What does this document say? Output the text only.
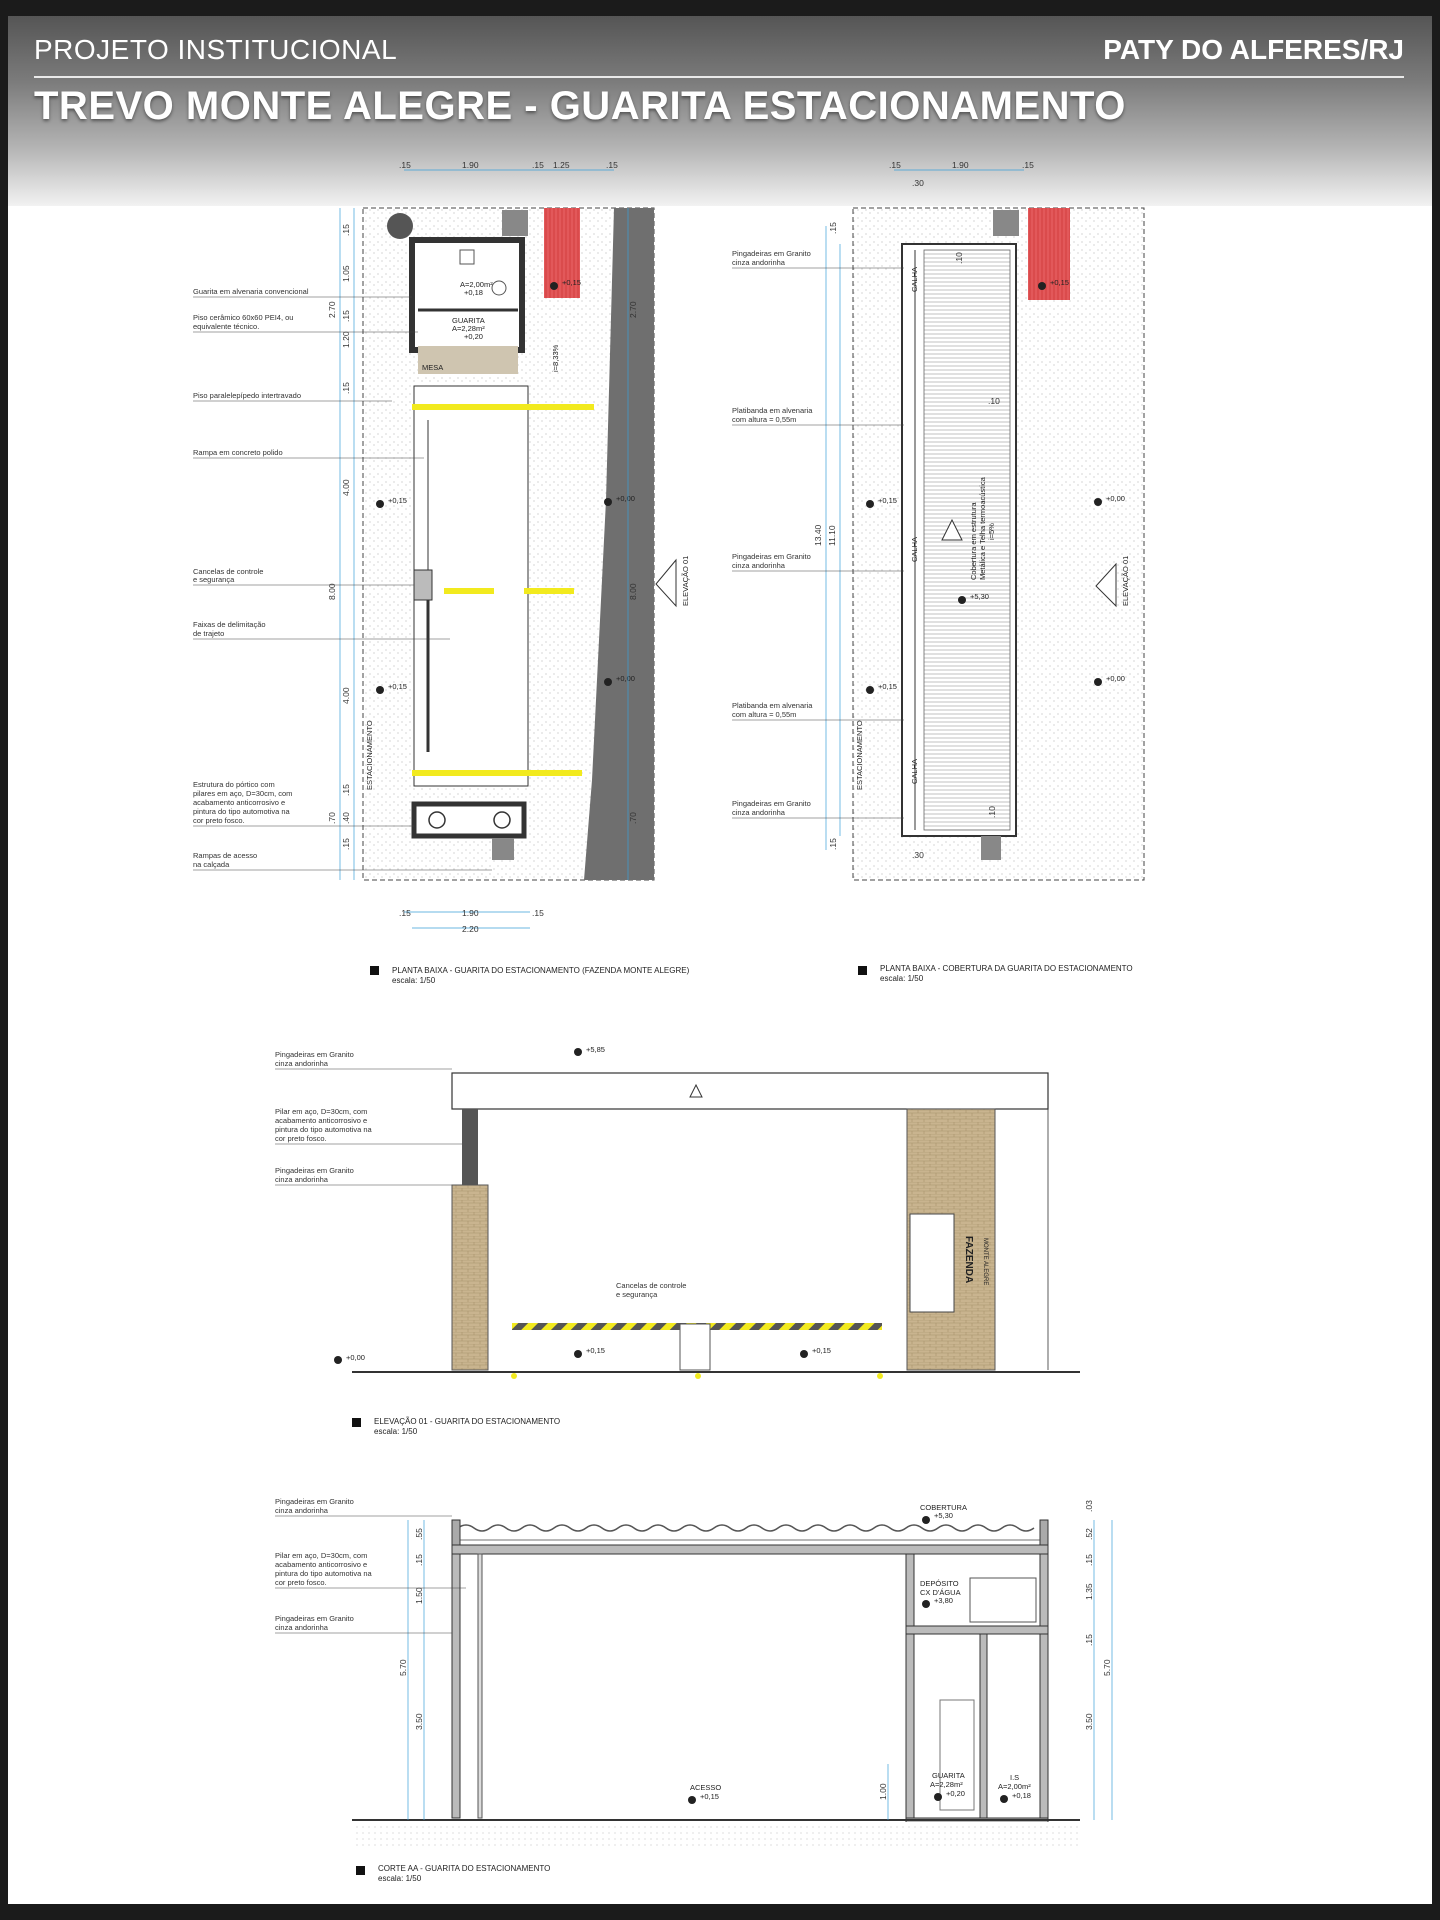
PROJETO INSTITUCIONAL	PATY DO ALFERES/RJ
TREVO MONTE ALEGRE - GUARITA ESTACIONAMENTO
MESA
A=2,00m²
+0,18
GUARITA
A=2,28m²
+0,20
+0,15
+0,15
+0,15
+0,00
+0,00
i=8,33%
ESTACIONAMENTO
ELEVAÇÃO 01
.15	1.90	.15 1.25	.15
.15	1.90	.15
2.20
.15
1.05
.15
1.20
.15
4.00
4.00
.15
.40
.15
2.70
8.00
.70
2.70
8.00
.70
Guarita em alvenaria convencional
Piso cerâmico 60x60 PEI4, ou
equivalente técnico.
Piso paralelepípedo intertravado
Rampa em concreto polido
Cancelas de controle
e segurança
Faixas de delimitação
de trajeto
Estrutura do pórtico com
pilares em aço, D=30cm, com
acabamento anticorrosivo e
pintura do tipo automotiva na
cor preto fosco.
Rampas de acesso
na calçada
PLANTA BAIXA - GUARITA DO ESTACIONAMENTO (FAZENDA MONTE ALEGRE)
escala: 1/50
CALHA
CALHA
CALHA
Cobertura em estrutura Metálica e Telha termoacústica i=5%
+0,15
+5,30
+0,15	+0,00
+0,00
+0,15
ESTACIONAMENTO
ELEVAÇÃO 01
.15	1.90	.15
13.40 11.10
.30
.10
.10
.10
.30
.15
.15
Pingadeiras em Granito
cinza andorinha
Platibanda em alvenaria
com altura = 0,55m
Pingadeiras em Granito
cinza andorinha
Platibanda em alvenaria
com altura = 0,55m
Pingadeiras em Granito
cinza andorinha
PLANTA BAIXA - COBERTURA DA GUARITA DO ESTACIONAMENTO
escala: 1/50
FAZENDA MONTE ALEGRE
+5,85
+0,00
+0,15	+0,15
Cancelas de controle
e segurança
Pingadeiras em Granito
cinza andorinha
Pilar em aço, D=30cm, com
acabamento anticorrosivo e
pintura do tipo automotiva na
cor preto fosco.
Pingadeiras em Granito
cinza andorinha
ELEVAÇÃO 01 - GUARITA DO ESTACIONAMENTO
escala: 1/50
COBERTURA
+5,30
DEPÓSITO
CX D'ÁGUA
+3,80
ACESSO
+0,15
GUARITA
A=2,28m²
+0,20
I.S
A=2,00m²
+0,18
.55
.15
1.50
5.70
3.50
.03
.52
.15
1.35
.15
5.70
3.50
1.00
Pingadeiras em Granito
cinza andorinha
Pilar em aço, D=30cm, com
acabamento anticorrosivo e
pintura do tipo automotiva na
cor preto fosco.
Pingadeiras em Granito
cinza andorinha
CORTE AA - GUARITA DO ESTACIONAMENTO
escala: 1/50
